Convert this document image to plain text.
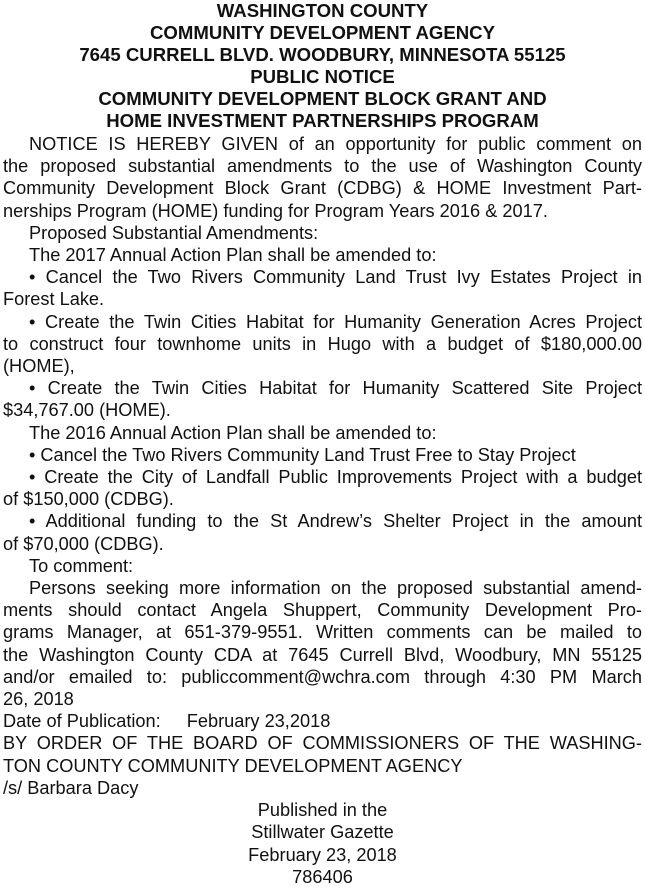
WASHINGTON COUNTY
COMMUNITY DEVELOPMENT AGENCY
7645 CURRELL BLVD. WOODBURY, MINNESOTA 55125
PUBLIC NOTICE
COMMUNITY DEVELOPMENT BLOCK GRANT AND
HOME INVESTMENT PARTNERSHIPS PROGRAM
NOTICE IS HEREBY GIVEN of an opportunity for public comment on
the proposed substantial amendments to the use of Washington County
Community Development Block Grant (CDBG) & HOME Investment Part-
nerships Program (HOME) funding for Program Years 2016 & 2017.
Proposed Substantial Amendments:
The 2017 Annual Action Plan shall be amended to:
• Cancel the Two Rivers Community Land Trust Ivy Estates Project in
Forest Lake.
• Create the Twin Cities Habitat for Humanity Generation Acres Project
to construct four townhome units in Hugo with a budget of $180,000.00
(HOME),
• Create the Twin Cities Habitat for Humanity Scattered Site Project
$34,767.00 (HOME).
The 2016 Annual Action Plan shall be amended to:
• Cancel the Two Rivers Community Land Trust Free to Stay Project
• Create the City of Landfall Public Improvements Project with a budget
of $150,000 (CDBG).
• Additional funding to the St Andrew’s Shelter Project in the amount
of $70,000 (CDBG).
To comment:
Persons seeking more information on the proposed substantial amend-
ments should contact Angela Shuppert, Community Development Pro-
grams Manager, at 651-379-9551. Written comments can be mailed to
the Washington County CDA at 7645 Currell Blvd, Woodbury, MN 55125
and/or emailed to: publiccomment@wchra.com through 4:30 PM March
26, 2018
Date of Publication: February 23,2018
BY ORDER OF THE BOARD OF COMMISSIONERS OF THE WASHING-
TON COUNTY COMMUNITY DEVELOPMENT AGENCY
/s/ Barbara Dacy
Published in the
Stillwater Gazette
February 23, 2018
786406
